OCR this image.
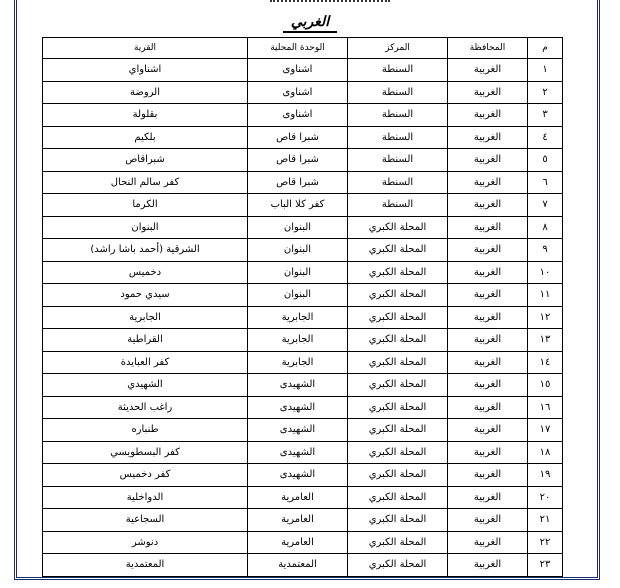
الغربي
م	المحافظة	المركز	الوحدة المحلية	القرية
١	الغربية	السنطة	اشناوى	اشناواي
٢	الغربية	السنطة	اشناوى	الروضة
٣	الغربية	السنطة	اشناوى	بقلولة
٤	الغربية	السنطة	شبرا قاص	بلكيم
٥	الغربية	السنطة	شبرا قاص	شبراقاص
٦	الغربية	السنطة	شبرا قاص	كفر سالم النحال
٧	الغربية	السنطة	كفر كلا الباب	الكرما
٨	الغربية	المحلة الكبري	البنوان	البنوان
٩	الغربية	المحلة الكبري	البنوان	الشرقية (أحمد باشا راشد)
١٠	الغربية	المحلة الكبري	البنوان	دخميس
١١	الغربية	المحلة الكبري	البنوان	سيدي حمود
١٢	الغربية	المحلة الكبري	الجابرية	الجابرية
١٣	الغربية	المحلة الكبري	الجابرية	القراطية
١٤	الغربية	المحلة الكبري	الجابرية	كفر العبايدة
١٥	الغربية	المحلة الكبري	الشهيدى	الشهيدي
١٦	الغربية	المحلة الكبري	الشهيدى	راغب الحديثة
١٧	الغربية	المحلة الكبري	الشهيدى	طنباره
١٨	الغربية	المحلة الكبري	الشهيدى	كفر البسطويسي
١٩	الغربية	المحلة الكبري	الشهيدى	كفر دخميس
٢٠	الغربية	المحلة الكبري	العامرية	الدواخلية
٢١	الغربية	المحلة الكبري	العامرية	السجاعية
٢٢	الغربية	المحلة الكبري	العامرية	دنوشر
٢٣	الغربية	المحلة الكبري	المعتمدية	المعتمدية
